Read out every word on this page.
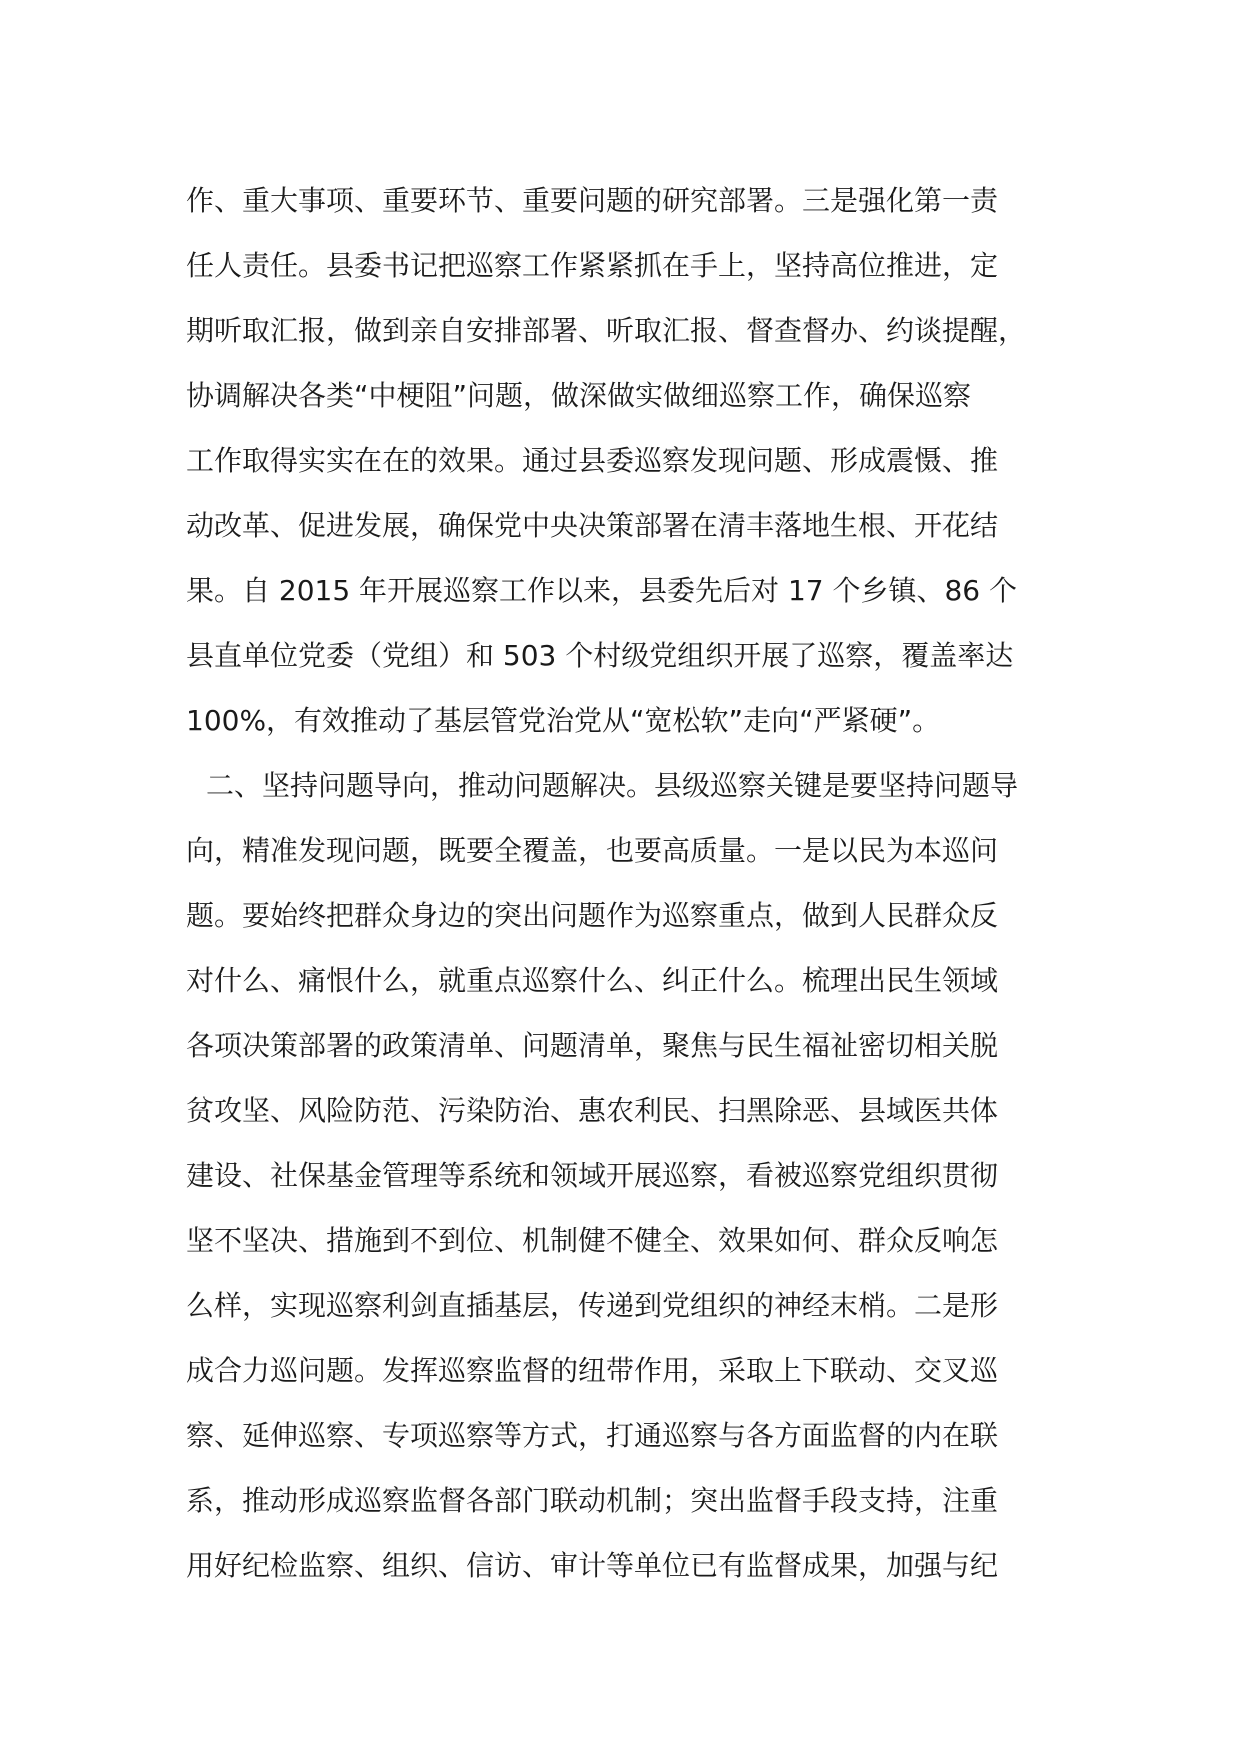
作、重大事项、重要环节、重要问题的研究部署。三是强化第一责
任人责任。县委书记把巡察工作紧紧抓在手上，坚持高位推进，定
期听取汇报，做到亲自安排部署、听取汇报、督查督办、约谈提醒，
协调解决各类“中梗阻”问题，做深做实做细巡察工作，确保巡察
工作取得实实在在的效果。通过县委巡察发现问题、形成震慑、推
动改革、促进发展，确保党中央决策部署在清丰落地生根、开花结
果。自 2015 年开展巡察工作以来，县委先后对 17 个乡镇、86 个
县直单位党委（党组）和 503 个村级党组织开展了巡察，覆盖率达
100%，有效推动了基层管党治党从“宽松软”走向“严紧硬”。
二、坚持问题导向，推动问题解决。县级巡察关键是要坚持问题导
向，精准发现问题，既要全覆盖，也要高质量。一是以民为本巡问
题。要始终把群众身边的突出问题作为巡察重点，做到人民群众反
对什么、痛恨什么，就重点巡察什么、纠正什么。梳理出民生领域
各项决策部署的政策清单、问题清单，聚焦与民生福祉密切相关脱
贫攻坚、风险防范、污染防治、惠农利民、扫黑除恶、县域医共体
建设、社保基金管理等系统和领域开展巡察，看被巡察党组织贯彻
坚不坚决、措施到不到位、机制健不健全、效果如何、群众反响怎
么样，实现巡察利剑直插基层，传递到党组织的神经末梢。二是形
成合力巡问题。发挥巡察监督的纽带作用，采取上下联动、交叉巡
察、延伸巡察、专项巡察等方式，打通巡察与各方面监督的内在联
系，推动形成巡察监督各部门联动机制；突出监督手段支持，注重
用好纪检监察、组织、信访、审计等单位已有监督成果，加强与纪
